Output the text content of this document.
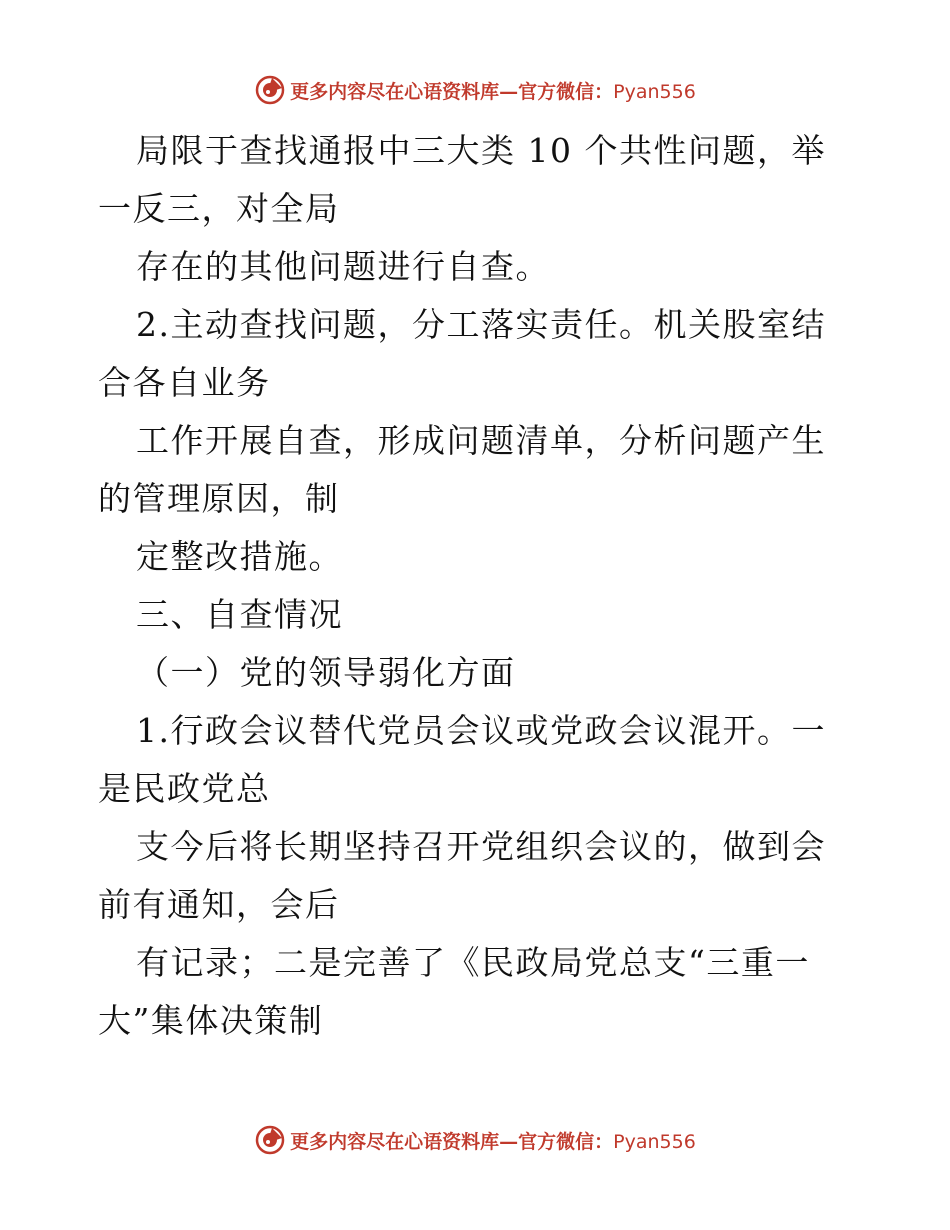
更多内容尽在心语资料库—官方微信：Pyan556

局限于查找通报中三大类 10 个共性问题，举一反三，对全局

存在的其他问题进行自查。

2.主动查找问题，分工落实责任。机关股室结合各自业务

工作开展自查，形成问题清单，分析问题产生的管理原因，制

定整改措施。

三、自查情况

（一）党的领导弱化方面

1.行政会议替代党员会议或党政会议混开。一是民政党总

支今后将长期坚持召开党组织会议的，做到会前有通知，会后

有记录；二是完善了《民政局党总支“三重一大”集体决策制

更多内容尽在心语资料库—官方微信：Pyan556
